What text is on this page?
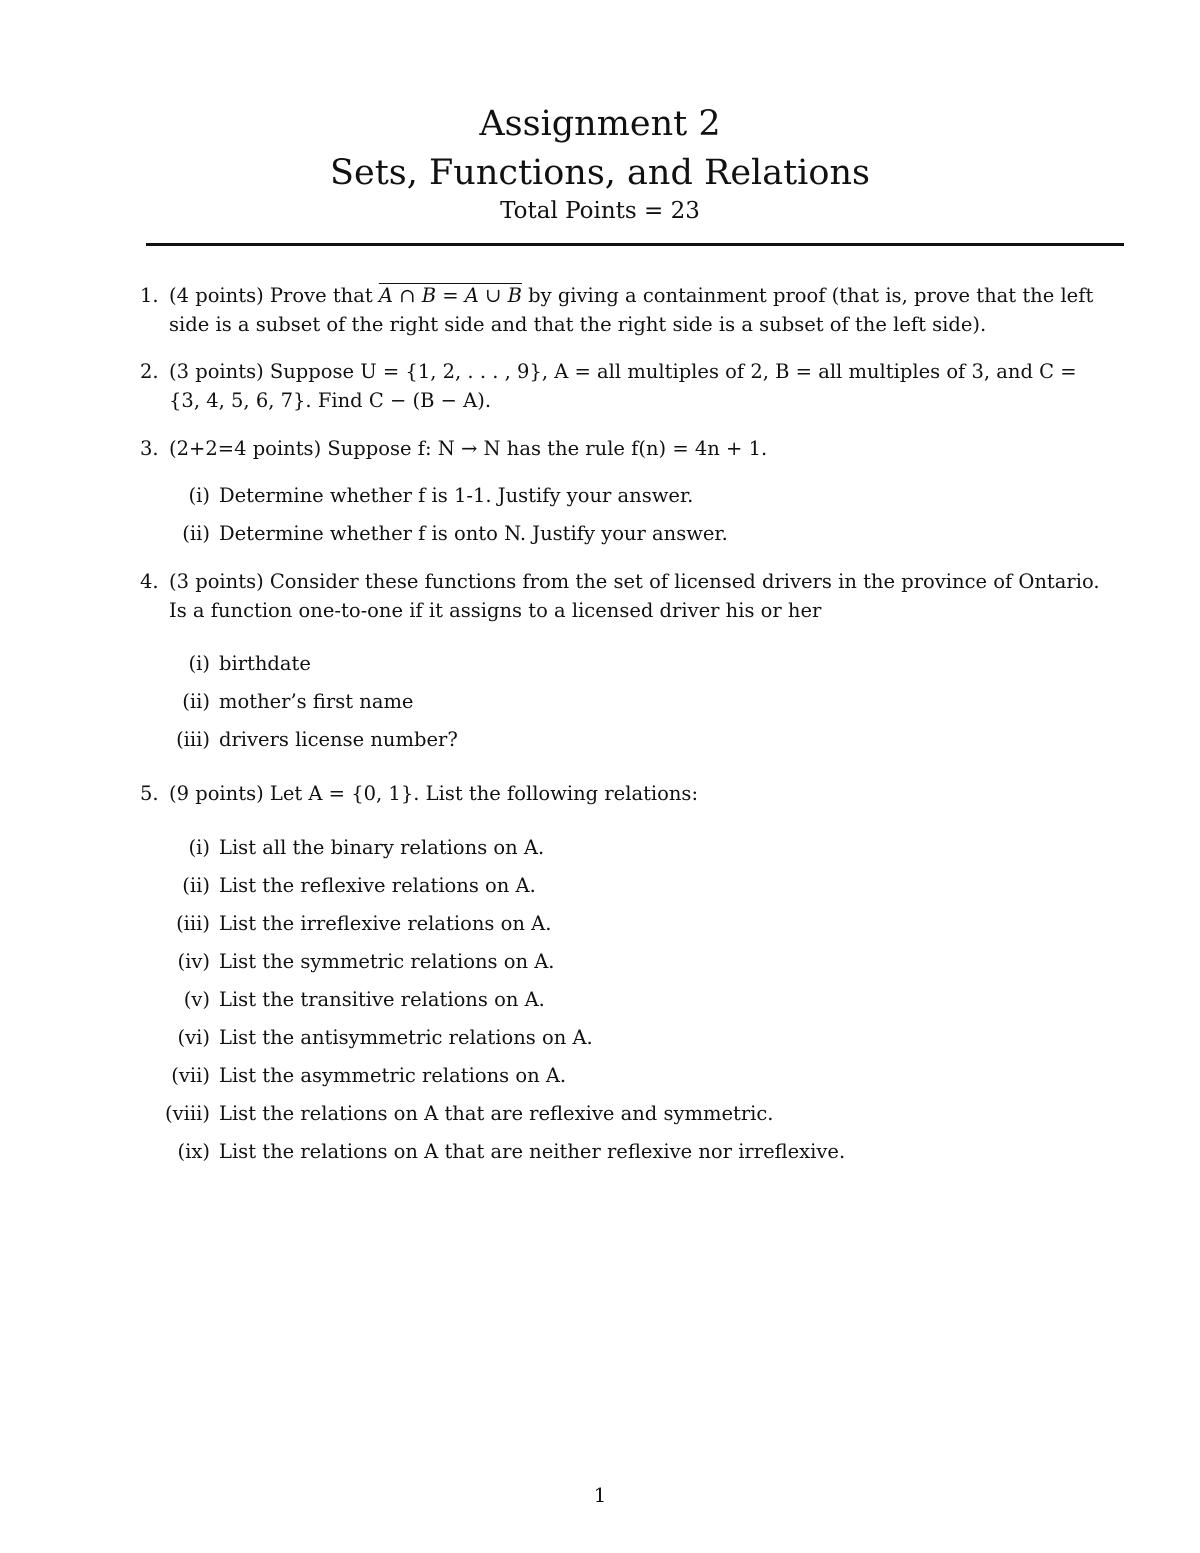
Assignment 2
Sets, Functions, and Relations
Total Points = 23
1. (4 points) Prove that A ∩ B = A ∪ B by giving a containment proof (that is, prove that the left side is a subset of the right side and that the right side is a subset of the left side).
2. (3 points) Suppose U = {1, 2, . . . , 9}, A = all multiples of 2, B = all multiples of 3, and C = {3, 4, 5, 6, 7}. Find C − (B − A).
3. (2+2=4 points) Suppose f: N → N has the rule f(n) = 4n + 1.
(i) Determine whether f is 1-1. Justify your answer.
(ii) Determine whether f is onto N. Justify your answer.
4. (3 points) Consider these functions from the set of licensed drivers in the province of Ontario. Is a function one-to-one if it assigns to a licensed driver his or her
(i) birthdate
(ii) mother’s first name
(iii) drivers license number?
5. (9 points) Let A = {0, 1}. List the following relations:
(i) List all the binary relations on A.
(ii) List the reflexive relations on A.
(iii) List the irreflexive relations on A.
(iv) List the symmetric relations on A.
(v) List the transitive relations on A.
(vi) List the antisymmetric relations on A.
(vii) List the asymmetric relations on A.
(viii) List the relations on A that are reflexive and symmetric.
(ix) List the relations on A that are neither reflexive nor irreflexive.
1
